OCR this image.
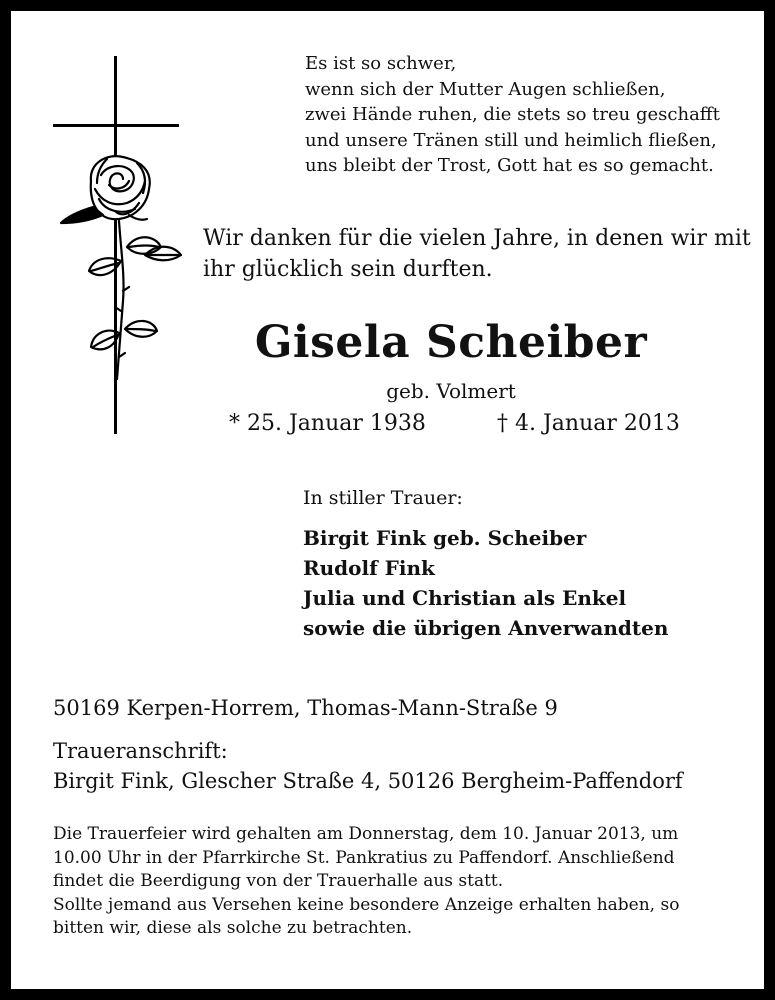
Es ist so schwer,
wenn sich der Mutter Augen schließen,
zwei Hände ruhen, die stets so treu geschafft
und unsere Tränen still und heimlich fließen,
uns bleibt der Trost, Gott hat es so gemacht.
Wir danken für die vielen Jahre, in denen wir mit
ihr glücklich sein durften.
Gisela Scheiber
geb. Volmert
* 25. Januar 1938	† 4. Januar 2013
In stiller Trauer:
Birgit Fink geb. Scheiber
Rudolf Fink
Julia und Christian als Enkel
sowie die übrigen Anverwandten
50169 Kerpen-Horrem, Thomas-Mann-Straße 9
Traueranschrift:
Birgit Fink, Glescher Straße 4, 50126 Bergheim-Paffendorf
Die Trauerfeier wird gehalten am Donnerstag, dem 10. Januar 2013, um
10.00 Uhr in der Pfarrkirche St. Pankratius zu Paffendorf. Anschließend
findet die Beerdigung von der Trauerhalle aus statt.
Sollte jemand aus Versehen keine besondere Anzeige erhalten haben, so
bitten wir, diese als solche zu betrachten.
